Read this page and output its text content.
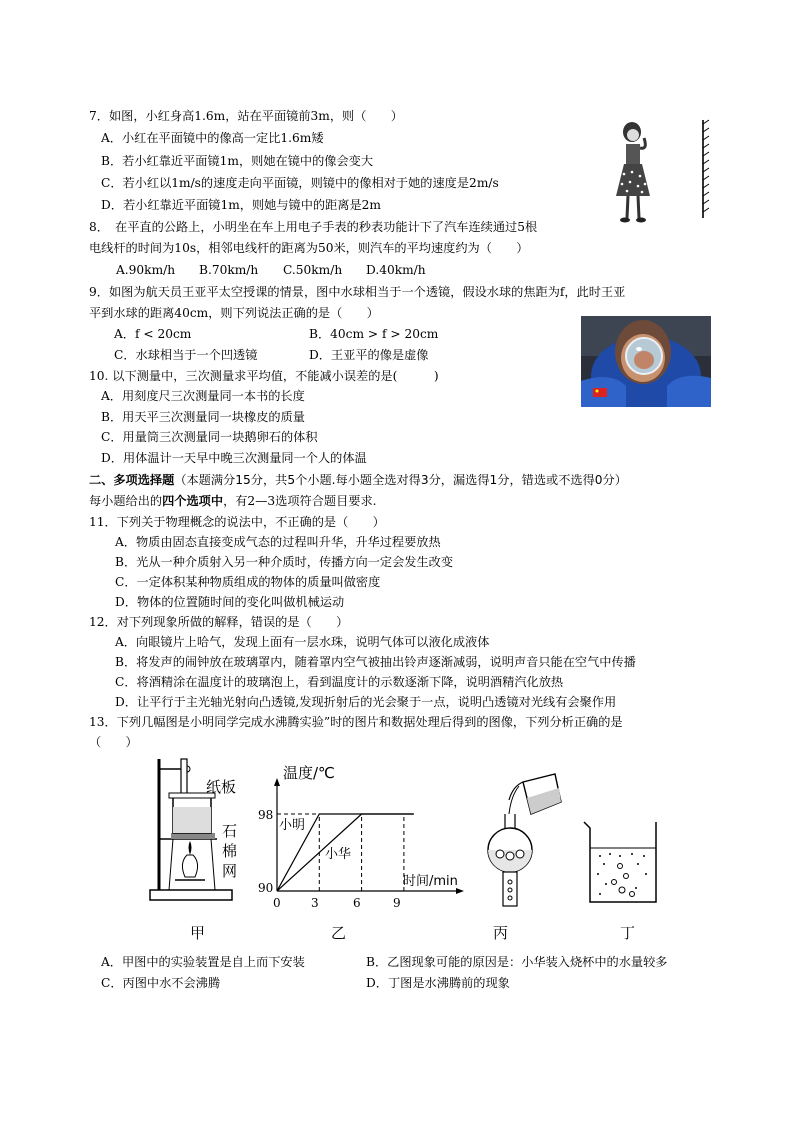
7．如图，小红身高1.6m，站在平面镜前3m，则（　　）
A．小红在平面镜中的像高一定比1.6m矮
B．若小红靠近平面镜1m，则她在镜中的像会变大
C．若小红以1m/s的速度走向平面镜，则镜中的像相对于她的速度是2m/s
D．若小红靠近平面镜1m，则她与镜中的距离是2m
8．　在平直的公路上，小明坐在车上用电子手表的秒表功能计下了汽车连续通过5根
电线杆的时间为10s，相邻电线杆的距离为50米，则汽车的平均速度约为（　　）
A.90km/h B.70km/h C.50km/h D.40km/h
9．如图为航天员王亚平太空授课的情景，图中水球相当于一个透镜，假设水球的焦距为f，此时王亚
平到水球的距离40cm，则下列说法正确的是（　　）
A．f < 20cm	B．40cm > f > 20cm
C．水球相当于一个凹透镜	D．王亚平的像是虚像
10. 以下测量中，三次测量求平均值，不能减小误差的是(　　　)
A．用刻度尺三次测量同一本书的长度
B．用天平三次测量同一块橡皮的质量
C．用量筒三次测量同一块鹅卵石的体积
D．用体温计一天早中晚三次测量同一个人的体温
二、多项选择题（本题满分15分，共5个小题.每小题全选对得3分，漏选得1分，错选或不选得0分）
每小题给出的四个选项中，有2—3选项符合题目要求.
11．下列关于物理概念的说法中，不正确的是（　　）
A．物质由固态直接变成气态的过程叫升华，升华过程要放热
B．光从一种介质射入另一种介质时，传播方向一定会发生改变
C．一定体积某种物质组成的物体的质量叫做密度
D．物体的位置随时间的变化叫做机械运动
12．对下列现象所做的解释，错误的是（　　）
A．向眼镜片上哈气，发现上面有一层水珠，说明气体可以液化成液体
B．将发声的闹钟放在玻璃罩内，随着罩内空气被抽出铃声逐渐减弱，说明声音只能在空气中传播
C．将酒精涂在温度计的玻璃泡上，看到温度计的示数逐渐下降，说明酒精汽化放热
D．让平行于主光轴光射向凸透镜,发现折射后的光会聚于一点，说明凸透镜对光线有会聚作用
13．下列几幅图是小明同学完成水沸腾实验”时的图片和数据处理后得到的图像，下列分析正确的是
（　　）
纸板
石
棉
网
温度/℃
时间/min
98
90
0	3	6	9
小明
小华
甲	乙	丙	丁
A．甲图中的实验装置是自上而下安装	B．乙图现象可能的原因是：小华装入烧杯中的水量较多
C．丙图中水不会沸腾	D．丁图是水沸腾前的现象
